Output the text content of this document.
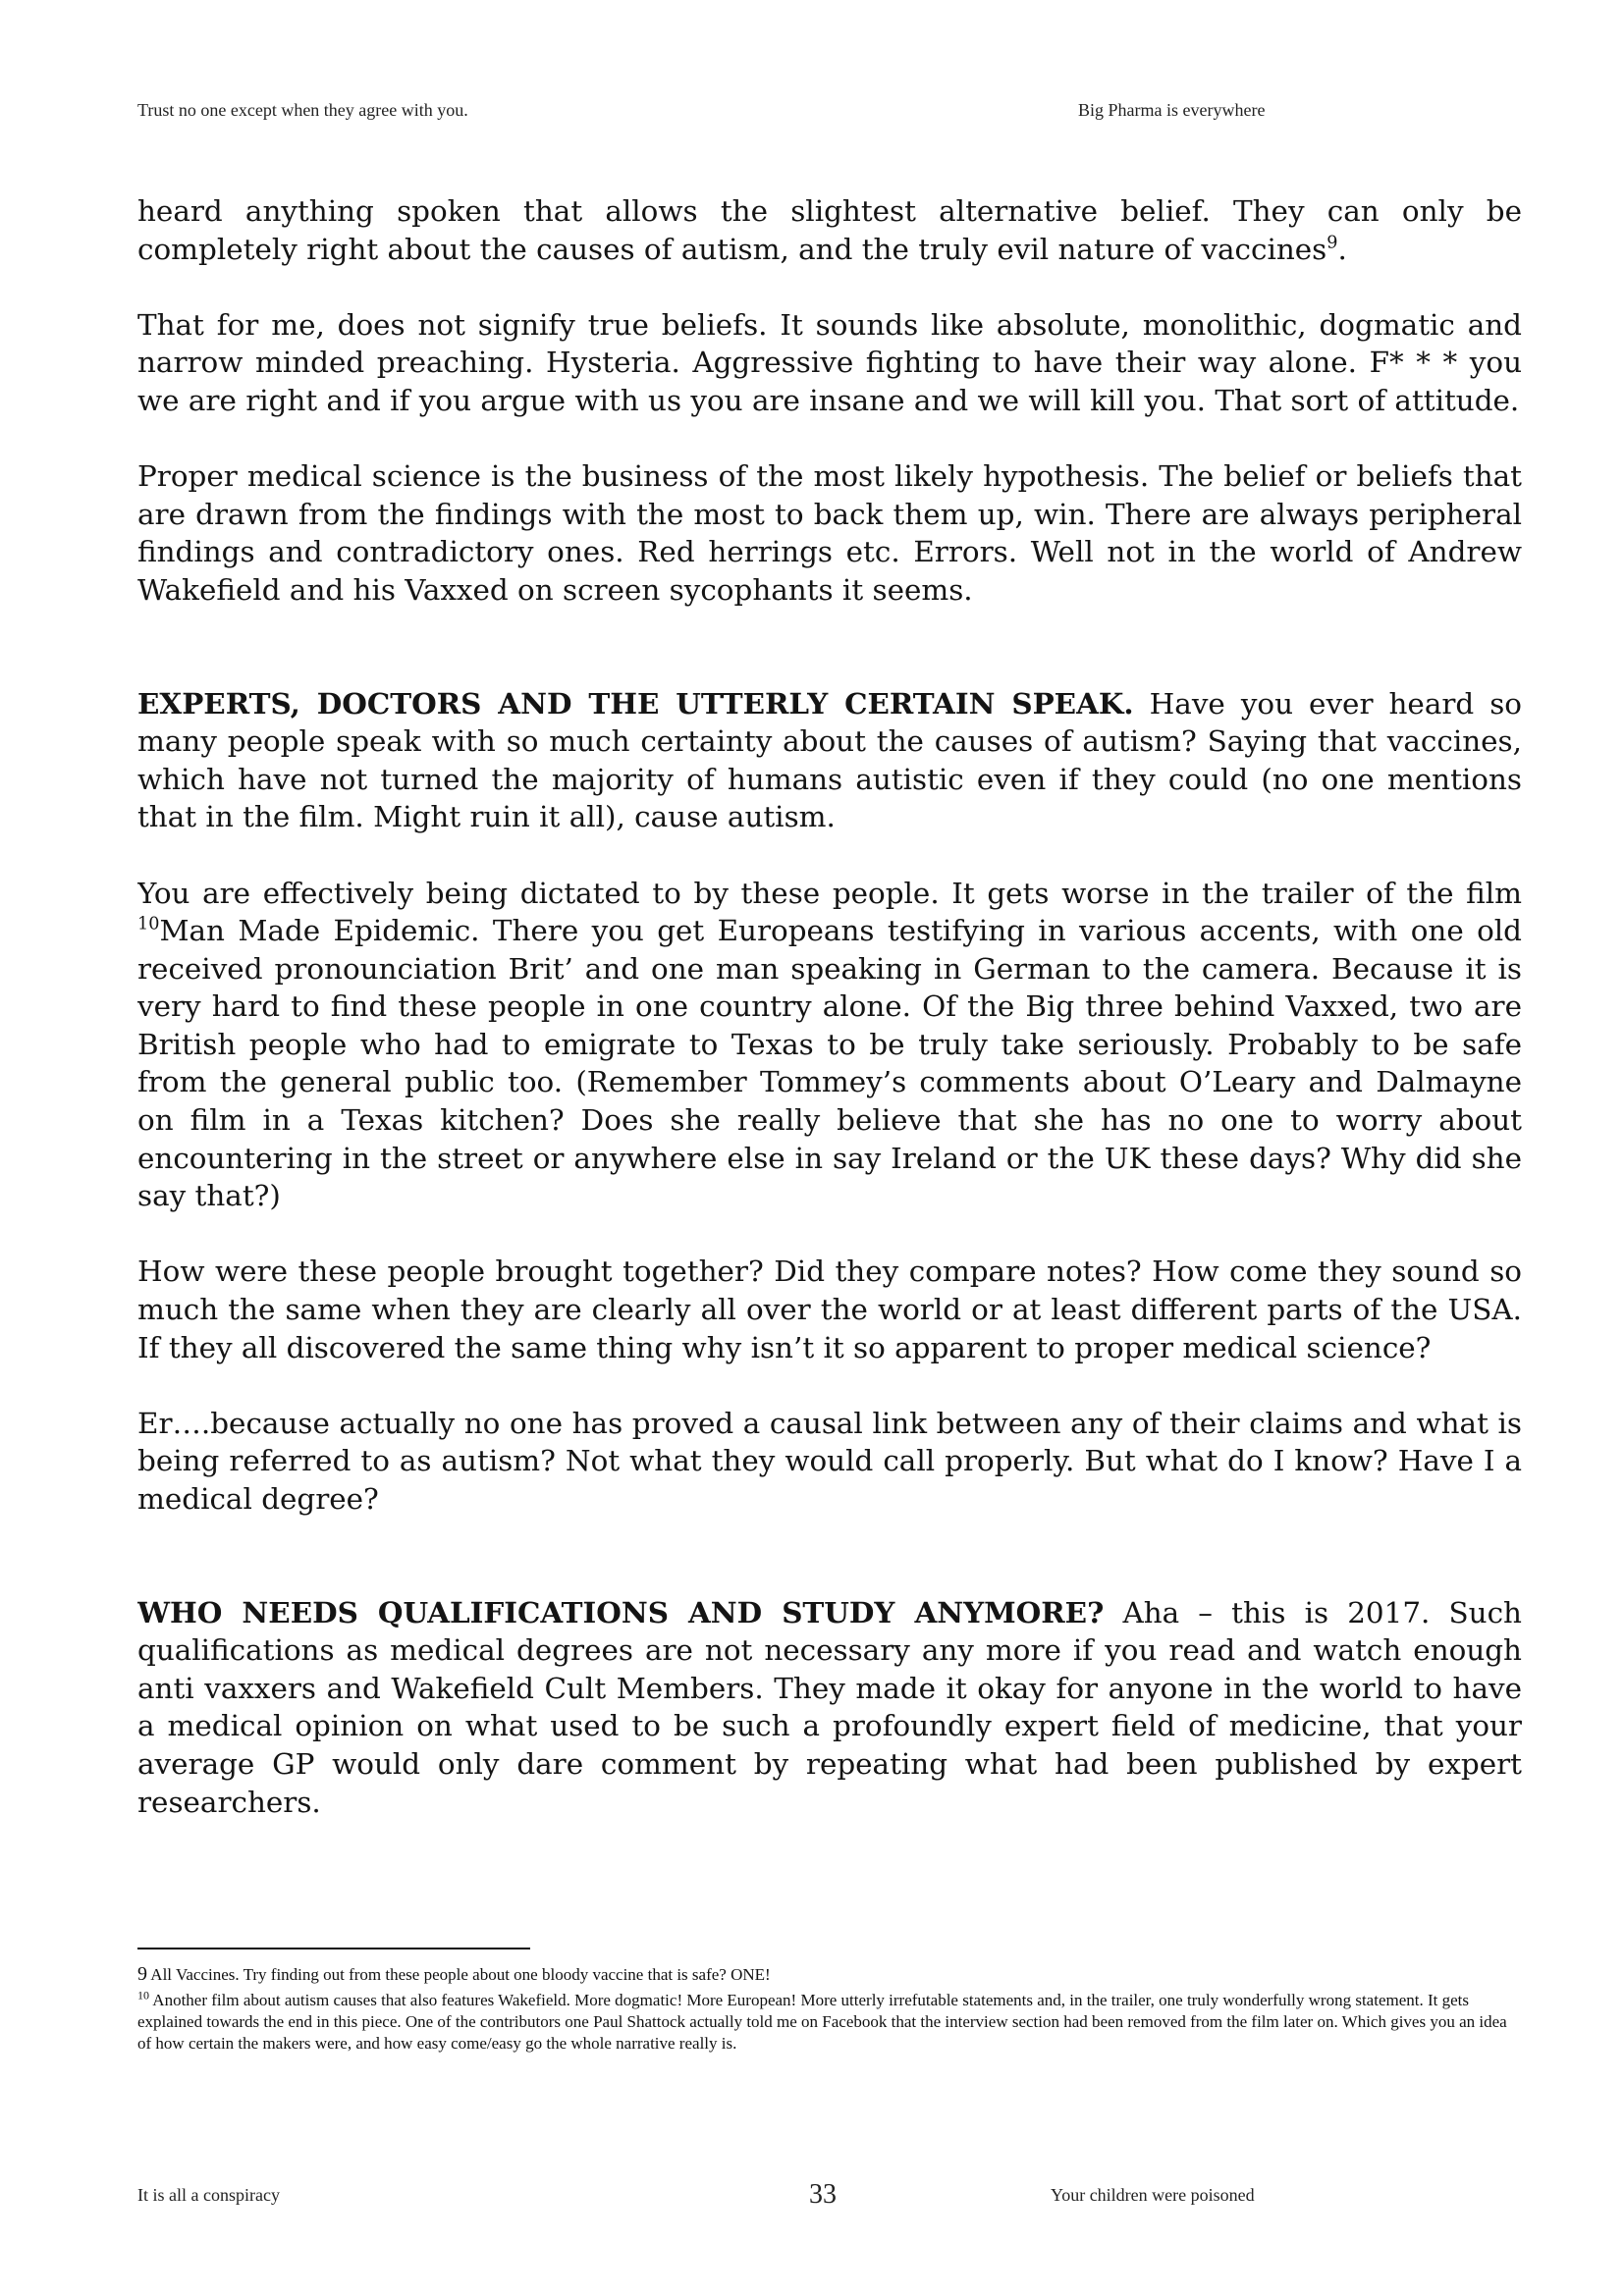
Trust no one except when they agree with you.	Big Pharma is everywhere

heard anything spoken that allows the slightest alternative belief. They can only be completely right about the causes of autism, and the truly evil nature of vaccines$^9$.

That for me, does not signify true beliefs. It sounds like absolute, monolithic, dogmatic and narrow minded preaching. Hysteria. Aggressive fighting to have their way alone. F* * * you we are right and if you argue with us you are insane and we will kill you. That sort of attitude.

Proper medical science is the business of the most likely hypothesis. The belief or beliefs that are drawn from the findings with the most to back them up, win. There are always peripheral findings and contradictory ones. Red herrings etc. Errors. Well not in the world of Andrew Wakefield and his Vaxxed on screen sycophants it seems.

EXPERTS, DOCTORS AND THE UTTERLY CERTAIN SPEAK. Have you ever heard so many people speak with so much certainty about the causes of autism? Saying that vaccines, which have not turned the majority of humans autistic even if they could (no one mentions that in the film. Might ruin it all), cause autism.

You are effectively being dictated to by these people. It gets worse in the trailer of the film $^{10}$Man Made Epidemic. There you get Europeans testifying in various accents, with one old received pronounciation Brit’ and one man speaking in German to the camera. Because it is very hard to find these people in one country alone. Of the Big three behind Vaxxed, two are British people who had to emigrate to Texas to be truly take seriously. Probably to be safe from the general public too. (Remember Tommey’s comments about O’Leary and Dalmayne on film in a Texas kitchen? Does she really believe that she has no one to worry about encountering in the street or anywhere else in say Ireland or the UK these days? Why did she say that?)

How were these people brought together? Did they compare notes? How come they sound so much the same when they are clearly all over the world or at least different parts of the USA. If they all discovered the same thing why isn’t it so apparent to proper medical science?

Er….because actually no one has proved a causal link between any of their claims and what is being referred to as autism? Not what they would call properly. But what do I know? Have I a medical degree?

WHO NEEDS QUALIFICATIONS AND STUDY ANYMORE? Aha – this is 2017. Such qualifications as medical degrees are not necessary any more if you read and watch enough anti vaxxers and Wakefield Cult Members. They made it okay for anyone in the world to have a medical opinion on what used to be such a profoundly expert field of medicine, that your average GP would only dare comment by repeating what had been published by expert researchers.

9 All Vaccines. Try finding out from these people about one bloody vaccine that is safe? ONE!
$^{10}$ Another film about autism causes that also features Wakefield. More dogmatic! More European! More utterly irrefutable statements and, in the trailer, one truly wonderfully wrong statement. It gets explained towards the end in this piece. One of the contributors one Paul Shattock actually told me on Facebook that the interview section had been removed from the film later on. Which gives you an idea of how certain the makers were, and how easy come/easy go the whole narrative really is.
It is all a conspiracy	33	Your children were poisoned
